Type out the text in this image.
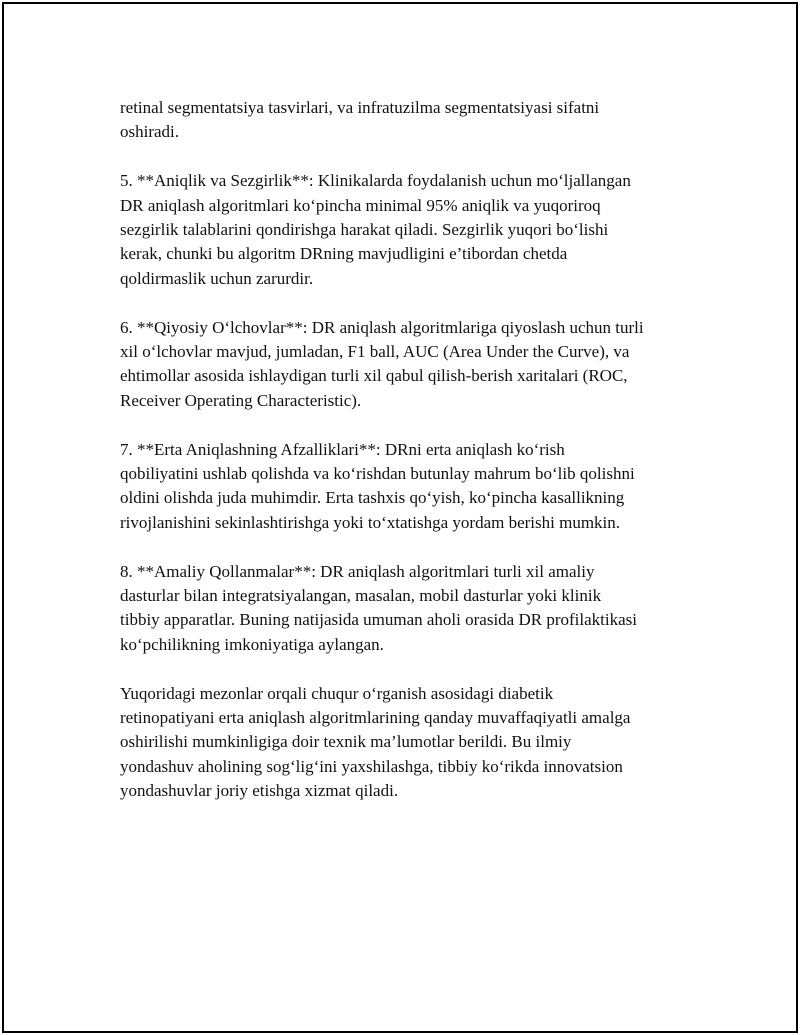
retinal segmentatsiya tasvirlari, va infratuzilma segmentatsiyasi sifatni
oshiradi.

5. **Aniqlik va Sezgirlik**: Klinikalarda foydalanish uchun mo‘ljallangan
DR aniqlash algoritmlari ko‘pincha minimal 95% aniqlik va yuqoriroq
sezgirlik talablarini qondirishga harakat qiladi. Sezgirlik yuqori bo‘lishi
kerak, chunki bu algoritm DRning mavjudligini e’tibordan chetda
qoldirmaslik uchun zarurdir.

6. **Qiyosiy O‘lchovlar**: DR aniqlash algoritmlariga qiyoslash uchun turli
xil o‘lchovlar mavjud, jumladan, F1 ball, AUC (Area Under the Curve), va
ehtimollar asosida ishlaydigan turli xil qabul qilish-berish xaritalari (ROC,
Receiver Operating Characteristic).

7. **Erta Aniqlashning Afzalliklari**: DRni erta aniqlash ko‘rish
qobiliyatini ushlab qolishda va ko‘rishdan butunlay mahrum bo‘lib qolishni
oldini olishda juda muhimdir. Erta tashxis qo‘yish, ko‘pincha kasallikning
rivojlanishini sekinlashtirishga yoki to‘xtatishga yordam berishi mumkin.

8. **Amaliy Qollanmalar**: DR aniqlash algoritmlari turli xil amaliy
dasturlar bilan integratsiyalangan, masalan, mobil dasturlar yoki klinik
tibbiy apparatlar. Buning natijasida umuman aholi orasida DR profilaktikasi
ko‘pchilikning imkoniyatiga aylangan.

Yuqoridagi mezonlar orqali chuqur o‘rganish asosidagi diabetik
retinopatiyani erta aniqlash algoritmlarining qanday muvaffaqiyatli amalga
oshirilishi mumkinligiga doir texnik ma’lumotlar berildi. Bu ilmiy
yondashuv aholining sog‘lig‘ini yaxshilashga, tibbiy ko‘rikda innovatsion
yondashuvlar joriy etishga xizmat qiladi.
